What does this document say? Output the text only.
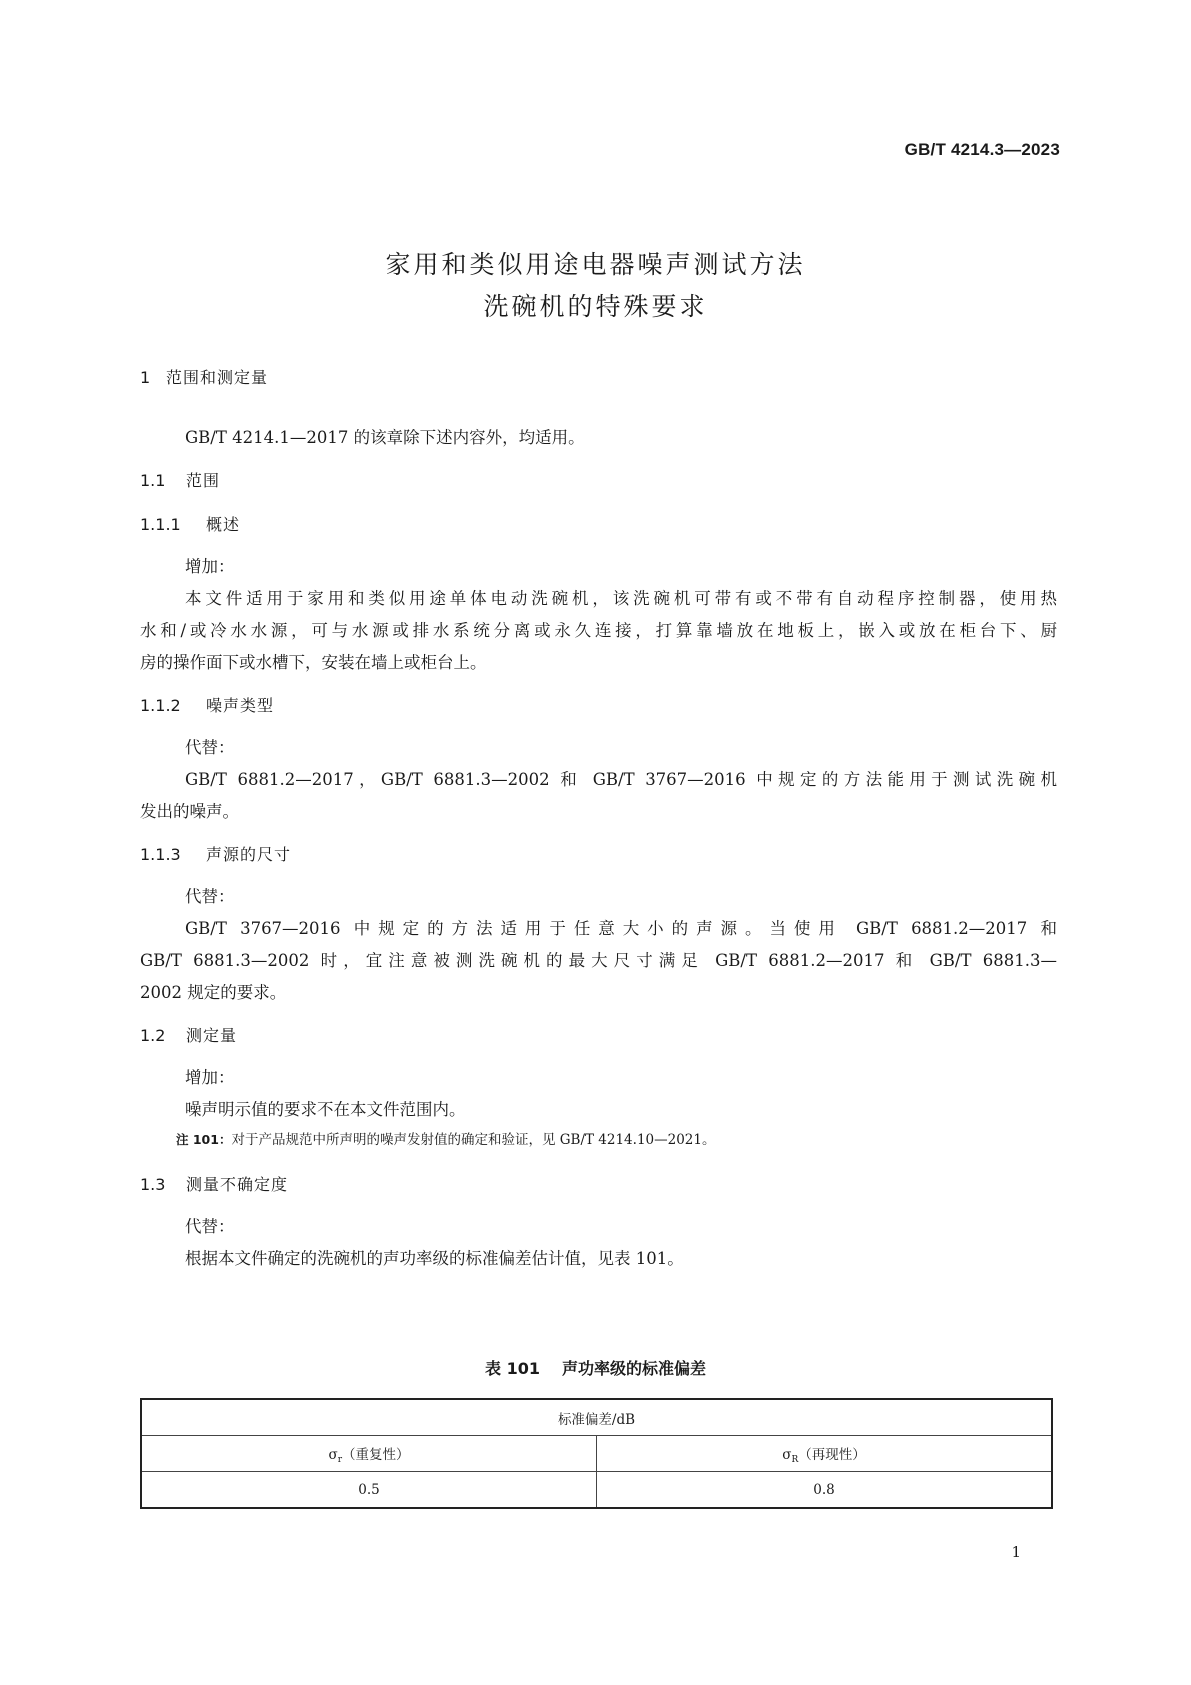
GB/T 4214.3—2023
家用和类似用途电器噪声测试方法
洗碗机的特殊要求
1 范围和测定量
GB/T 4214.1—2017 的该章除下述内容外，均适用。
1.1 范围
1.1.1 概述
增加：
本文件适用于家用和类似用途单体电动洗碗机，该洗碗机可带有或不带有自动程序控制器，使用热
水和/或冷水水源，可与水源或排水系统分离或永久连接，打算靠墙放在地板上，嵌入或放在柜台下、厨
房的操作面下或水槽下，安装在墙上或柜台上。
1.1.2 噪声类型
代替：
GB/T 6881.2—2017，GB/T 6881.3—2002 和 GB/T 3767—2016 中规定的方法能用于测试洗碗机
发出的噪声。
1.1.3 声源的尺寸
代替：
GB/T 3767—2016 中规定的方法适用于任意大小的声源。当使用 GB/T 6881.2—2017 和
GB/T 6881.3—2002 时，宜注意被测洗碗机的最大尺寸满足 GB/T 6881.2—2017 和 GB/T 6881.3—
2002 规定的要求。
1.2 测定量
增加：
噪声明示值的要求不在本文件范围内。
注 101：对于产品规范中所声明的噪声发射值的确定和验证，见 GB/T 4214.10—2021。
1.3 测量不确定度
代替：
根据本文件确定的洗碗机的声功率级的标准偏差估计值，见表 101。
表 101 声功率级的标准偏差
标准偏差/dB	
$\sigma_r$（重复性）	$\sigma_R$（再现性）
0.5	0.8
1
